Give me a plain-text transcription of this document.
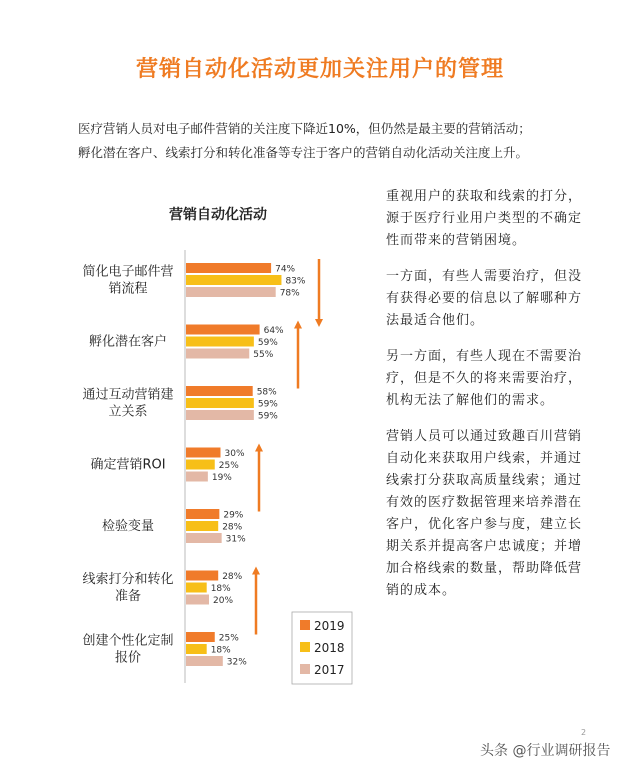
营销自动化活动更加关注用户的管理

医疗营销人员对电子邮件营销的关注度下降近10%，但仍然是最主要的营销活动；

孵化潜在客户、线索打分和转化准备等专注于客户的营销自动化活动关注度上升。

营销自动化活动
简化电子邮件营
销流程
74%
83%
78%
孵化潜在客户
64%
59%
55%
通过互动营销建
立关系
58%
59%
59%
确定营销ROI
30%
25%
19%
检验变量
29%
28%
31%
线索打分和转化
准备
28%
18%
20%
创建个性化定制
报价
25%
18%
32%
2019
2018
2017

重视用户的获取和线索的打分，源于医疗行业用户类型的不确定性而带来的营销困境。

一方面，有些人需要治疗，但没有获得必要的信息以了解哪种方法最适合他们。

另一方面，有些人现在不需要治疗，但是不久的将来需要治疗，机构无法了解他们的需求。

营销人员可以通过致趣百川营销自动化来获取用户线索，并通过线索打分获取高质量线索；通过有效的医疗数据管理来培养潜在客户，优化客户参与度，建立长期关系并提高客户忠诚度；并增加合格线索的数量，帮助降低营销的成本。

2
头条 @行业调研报告
